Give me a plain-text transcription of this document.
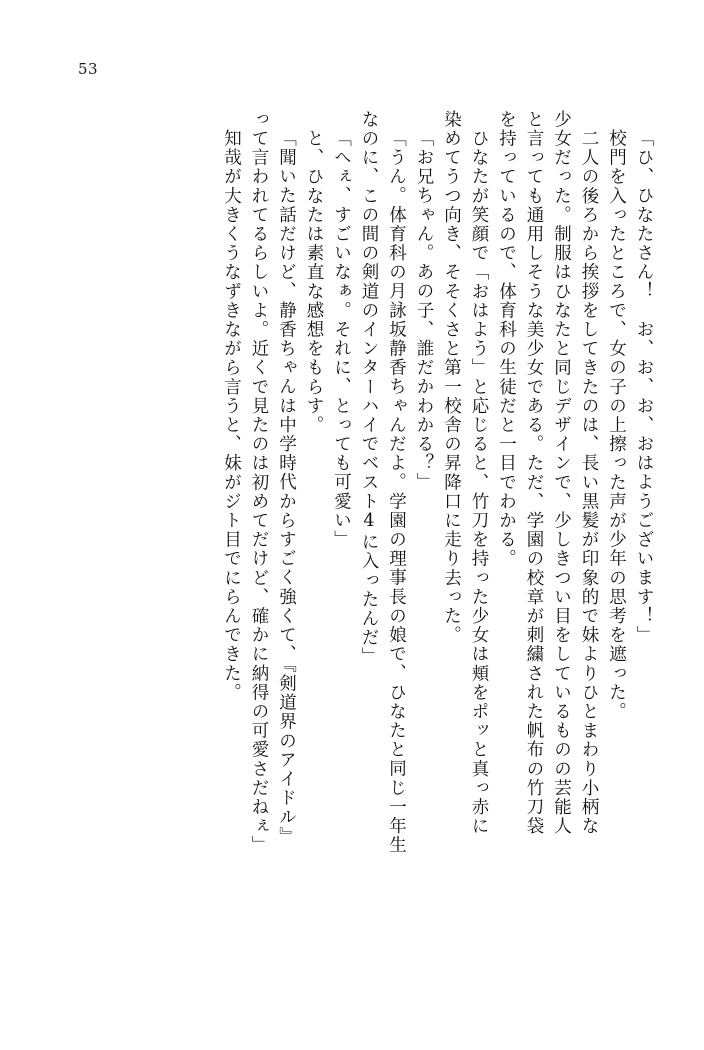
53
　知哉が大きくうなずきながら言うと、妹がジト目でにらんできた。 って言われてるらしいよ。近くで見たのは初めてだけど、確かに納得の可愛さだねぇ」 「聞いた話だけど、静香ちゃんは中学時代からすごく強くて、『剣道界のアイドル』 　と、ひなたは素直な感想をもらす。 「へぇ、すごいなぁ。それに、とっても可愛い」 なのに、この間の剣道のインターハイでベスト4に入ったんだ」 「うん。体育科の月詠坂静香ちゃんだよ。学園の理事長の娘で、ひなたと同じ一年生 「お兄ちゃん。あの子、誰だかわかる？」 染めてうつ向き、そそくさと第一校舎の昇降口に走り去った。 　ひなたが笑顔で「おはよう」と応じると、竹刀を持った少女は頬をポッと真っ赤に を持っているので、体育科の生徒だと一目でわかる。 と言っても通用しそうな美少女である。ただ、学園の校章が刺繍された帆布の竹刀袋 少女だった。制服はひなたと同じデザインで、少しきつい目をしているものの芸能人 　二人の後ろから挨拶をしてきたのは、長い黒髪が印象的で妹よりひとまわり小柄な 　校門を入ったところで、女の子の上擦った声が少年の思考を遮った。 「ひ、ひなたさん！　お、お、お、おはようございます！」
